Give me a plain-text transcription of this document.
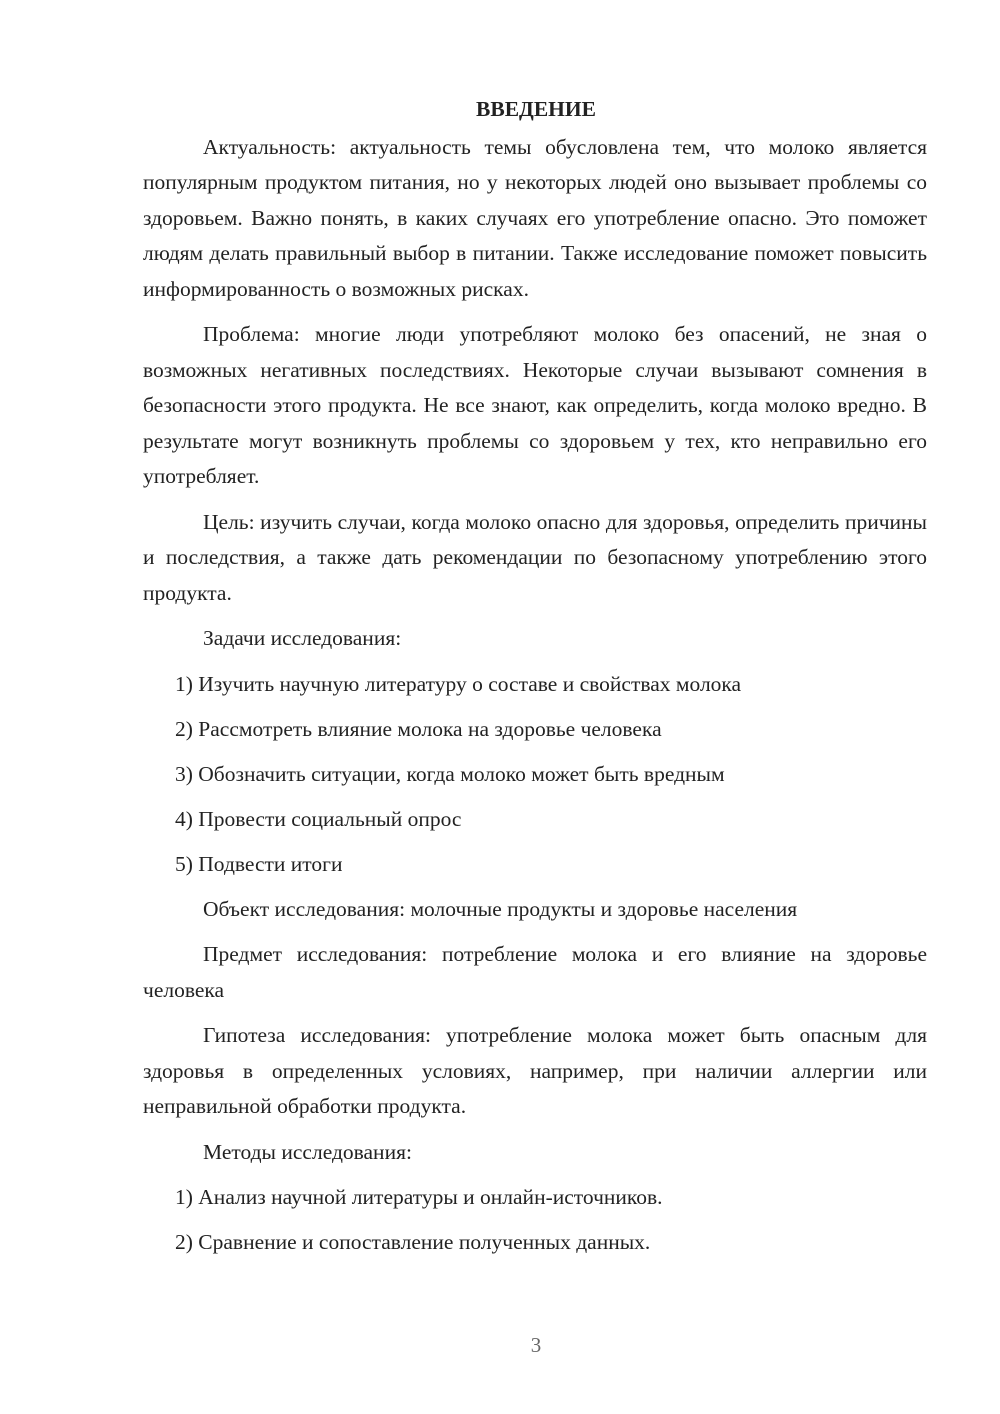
ВВЕДЕНИЕ

Актуальность: актуальность темы обусловлена тем, что молоко является популярным продуктом питания, но у некоторых людей оно вызывает проблемы со здоровьем. Важно понять, в каких случаях его употребление опасно. Это поможет людям делать правильный выбор в питании. Также исследование поможет повысить информированность о возможных рисках.

Проблема: многие люди употребляют молоко без опасений, не зная о возможных негативных последствиях. Некоторые случаи вызывают сомнения в безопасности этого продукта. Не все знают, как определить, когда молоко вредно. В результате могут возникнуть проблемы со здоровьем у тех, кто неправильно его употребляет.

Цель: изучить случаи, когда молоко опасно для здоровья, определить причины и последствия, а также дать рекомендации по безопасному употреблению этого продукта.

Задачи исследования:

1) Изучить научную литературу о составе и свойствах молока
2) Рассмотреть влияние молока на здоровье человека
3) Обозначить ситуации, когда молоко может быть вредным
4) Провести социальный опрос
5) Подвести итоги

Объект исследования: молочные продукты и здоровье населения

Предмет исследования: потребление молока и его влияние на здоровье человека

Гипотеза исследования: употребление молока может быть опасным для здоровья в определенных условиях, например, при наличии аллергии или неправильной обработки продукта.

Методы исследования:

1) Анализ научной литературы и онлайн-источников.
2) Сравнение и сопоставление полученных данных.
3
